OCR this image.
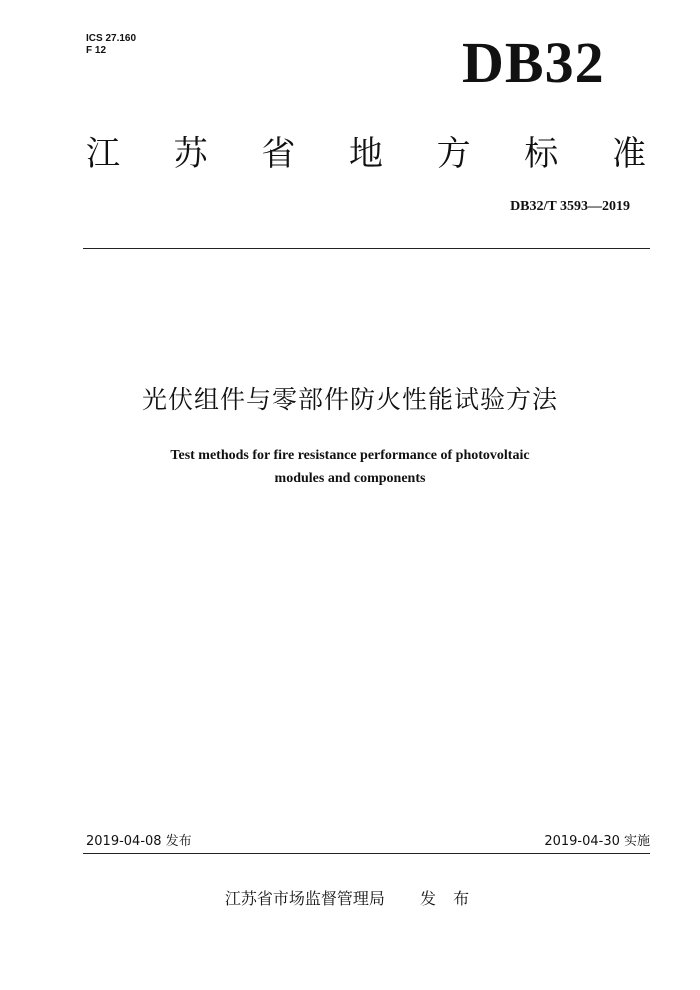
ICS 27.160
F 12	DB32
江 苏 省 地 方 标 准
DB32/T 3593—2019
光伏组件与零部件防火性能试验方法
Test methods for fire resistance performance of photovoltaic
modules and components
2019-04-08 发布	2019-04-30 实施
江苏省市场监督管理局 发 布
